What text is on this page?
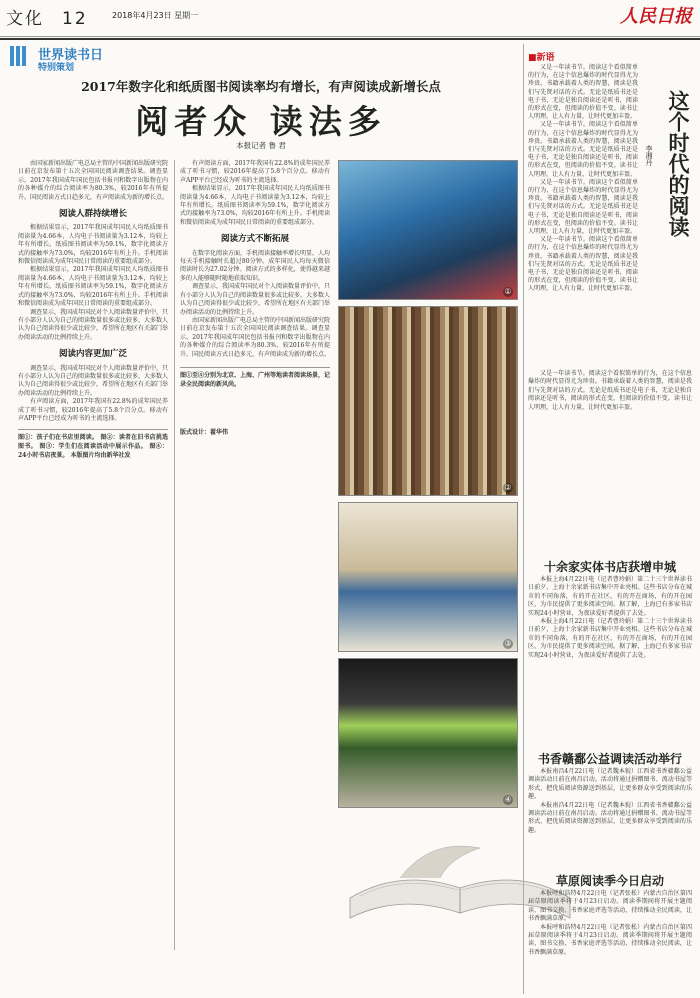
文化 12	2018年4月23日 星期一	人民日报
世界读书日
特别策划
2017年数字化和纸质图书阅读率均有增长，有声阅读成新增长点
阅者众 读法多
本报记者 鲁 君

由国家新闻出版广电总局主管的中国新闻出版研究院日前在京发布第十五次全国国民阅读调查结果。调查显示，2017年我国成年国民包括书报刊和数字出版物在内的各种媒介的综合阅读率为80.3%，较2016年有所提升。国民阅读方式日趋多元，有声阅读成为新的增长点。

阅读人群持续增长

根据结果显示，2017年我国成年国民人均纸质图书阅读量为4.66本，人均电子书阅读量为3.12本，均较上年有所增长。纸质图书阅读率为59.1%，数字化阅读方式的接触率为73.0%，均较2016年有所上升。手机阅读和微信阅读成为成年国民日常阅读的重要组成部分。

根据结果显示，2017年我国成年国民人均纸质图书阅读量为4.66本，人均电子书阅读量为3.12本，均较上年有所增长。纸质图书阅读率为59.1%，数字化阅读方式的接触率为73.0%，均较2016年有所上升。手机阅读和微信阅读成为成年国民日常阅读的重要组成部分。

调查显示，我国成年国民对个人阅读数量评价中，只有小部分人认为自己的阅读数量很多或比较多，大多数人认为自己阅读得很少或比较少，希望所在地区有关部门举办阅读活动的比例持续上升。

阅读内容更加广泛

调查显示，我国成年国民对个人阅读数量评价中，只有小部分人认为自己的阅读数量很多或比较多，大多数人认为自己阅读得很少或比较少，希望所在地区有关部门举办阅读活动的比例持续上升。

有声阅读方面，2017年我国有22.8%的成年国民养成了听书习惯，较2016年提高了5.8个百分点。移动有声APP平台已经成为听书的主流选择。

图①：孩子们在书店里阅读。 图②：读者在旧书店挑选图书。 图③：学生们在阅读活动中展示作品。 图④：24小时书店夜景。 本版图片均由新华社发

有声阅读方面，2017年我国有22.8%的成年国民养成了听书习惯，较2016年提高了5.8个百分点。移动有声APP平台已经成为听书的主流选择。

根据结果显示，2017年我国成年国民人均纸质图书阅读量为4.66本，人均电子书阅读量为3.12本，均较上年有所增长。纸质图书阅读率为59.1%，数字化阅读方式的接触率为73.0%，均较2016年有所上升。手机阅读和微信阅读成为成年国民日常阅读的重要组成部分。

阅读方式不断拓展

在数字化阅读方面，手机阅读接触率增长明显，人均每天手机接触时长超过80分钟。成年国民人均每天微信阅读时长为27.02分钟。阅读方式的多样化，使得越来越多的人能够随时随地获取知识。

调查显示，我国成年国民对个人阅读数量评价中，只有小部分人认为自己的阅读数量很多或比较多，大多数人认为自己阅读得很少或比较少，希望所在地区有关部门举办阅读活动的比例持续上升。

由国家新闻出版广电总局主管的中国新闻出版研究院日前在京发布第十五次全国国民阅读调查结果。调查显示，2017年我国成年国民包括书报刊和数字出版物在内的各种媒介的综合阅读率为80.3%，较2016年有所提升。国民阅读方式日趋多元，有声阅读成为新的增长点。

图①至④分别为北京、上海、广州等地读者阅读场景，记录全民阅读的新风尚。
版式设计：翟华伟
①
②
③
④
■新语

又是一年读书节。阅读这个看似简单的行为，在这个信息爆炸的时代显得尤为珍贵。书籍承载着人类的智慧，阅读是我们与先贤对话的方式。无论是纸质书还是电子书，无论是独自阅读还是听书，阅读的形式在变，但阅读的价值不变。读书让人明理，让人有力量，让时代更加丰盈。

又是一年读书节。阅读这个看似简单的行为，在这个信息爆炸的时代显得尤为珍贵。书籍承载着人类的智慧，阅读是我们与先贤对话的方式。无论是纸质书还是电子书，无论是独自阅读还是听书，阅读的形式在变，但阅读的价值不变。读书让人明理，让人有力量，让时代更加丰盈。

又是一年读书节。阅读这个看似简单的行为，在这个信息爆炸的时代显得尤为珍贵。书籍承载着人类的智慧，阅读是我们与先贤对话的方式。无论是纸质书还是电子书，无论是独自阅读还是听书，阅读的形式在变，但阅读的价值不变。读书让人明理，让人有力量，让时代更加丰盈。

又是一年读书节。阅读这个看似简单的行为，在这个信息爆炸的时代显得尤为珍贵。书籍承载着人类的智慧，阅读是我们与先贤对话的方式。无论是纸质书还是电子书，无论是独自阅读还是听书，阅读的形式在变，但阅读的价值不变。读书让人明理，让人有力量，让时代更加丰盈。

这个时代的阅读
李湘丹

又是一年读书节。阅读这个看似简单的行为，在这个信息爆炸的时代显得尤为珍贵。书籍承载着人类的智慧，阅读是我们与先贤对话的方式。无论是纸质书还是电子书，无论是独自阅读还是听书，阅读的形式在变，但阅读的价值不变。读书让人明理，让人有力量，让时代更加丰盈。

十余家实体书店获增申城

本报上海4月22日电（记者曹玲娟）第二十三个世界读书日前夕，上海十余家新书店集中开业亮相。这些书店分布在城市的不同角落，有的开在社区，有的开在商场，有的开在园区，为市民提供了更多阅读空间。据了解，上海已有多家书店实现24小时营业，为夜读爱好者提供了去处。

本报上海4月22日电（记者曹玲娟）第二十三个世界读书日前夕，上海十余家新书店集中开业亮相。这些书店分布在城市的不同角落，有的开在社区，有的开在商场，有的开在园区，为市民提供了更多阅读空间。据了解，上海已有多家书店实现24小时营业，为夜读爱好者提供了去处。

书香赣鄱公益调读活动举行

本报南昌4月22日电（记者魏本貌）江西省书香赣鄱公益调读活动日前在南昌启动。活动将通过捐赠图书、流动书屋等形式，把优质阅读资源送到基层，让更多群众享受到阅读的乐趣。

本报南昌4月22日电（记者魏本貌）江西省书香赣鄱公益调读活动日前在南昌启动。活动将通过捐赠图书、流动书屋等形式，把优质阅读资源送到基层，让更多群众享受到阅读的乐趣。

草原阅读季今日启动

本报呼和浩特4月22日电（记者张枨）内蒙古自治区第四届草原阅读季将于4月23日启动。阅读季期间将开展主题阅读、图书交换、书香家庭评选等活动，持续推动全民阅读，让书香飘满草原。

本报呼和浩特4月22日电（记者张枨）内蒙古自治区第四届草原阅读季将于4月23日启动。阅读季期间将开展主题阅读、图书交换、书香家庭评选等活动，持续推动全民阅读，让书香飘满草原。
